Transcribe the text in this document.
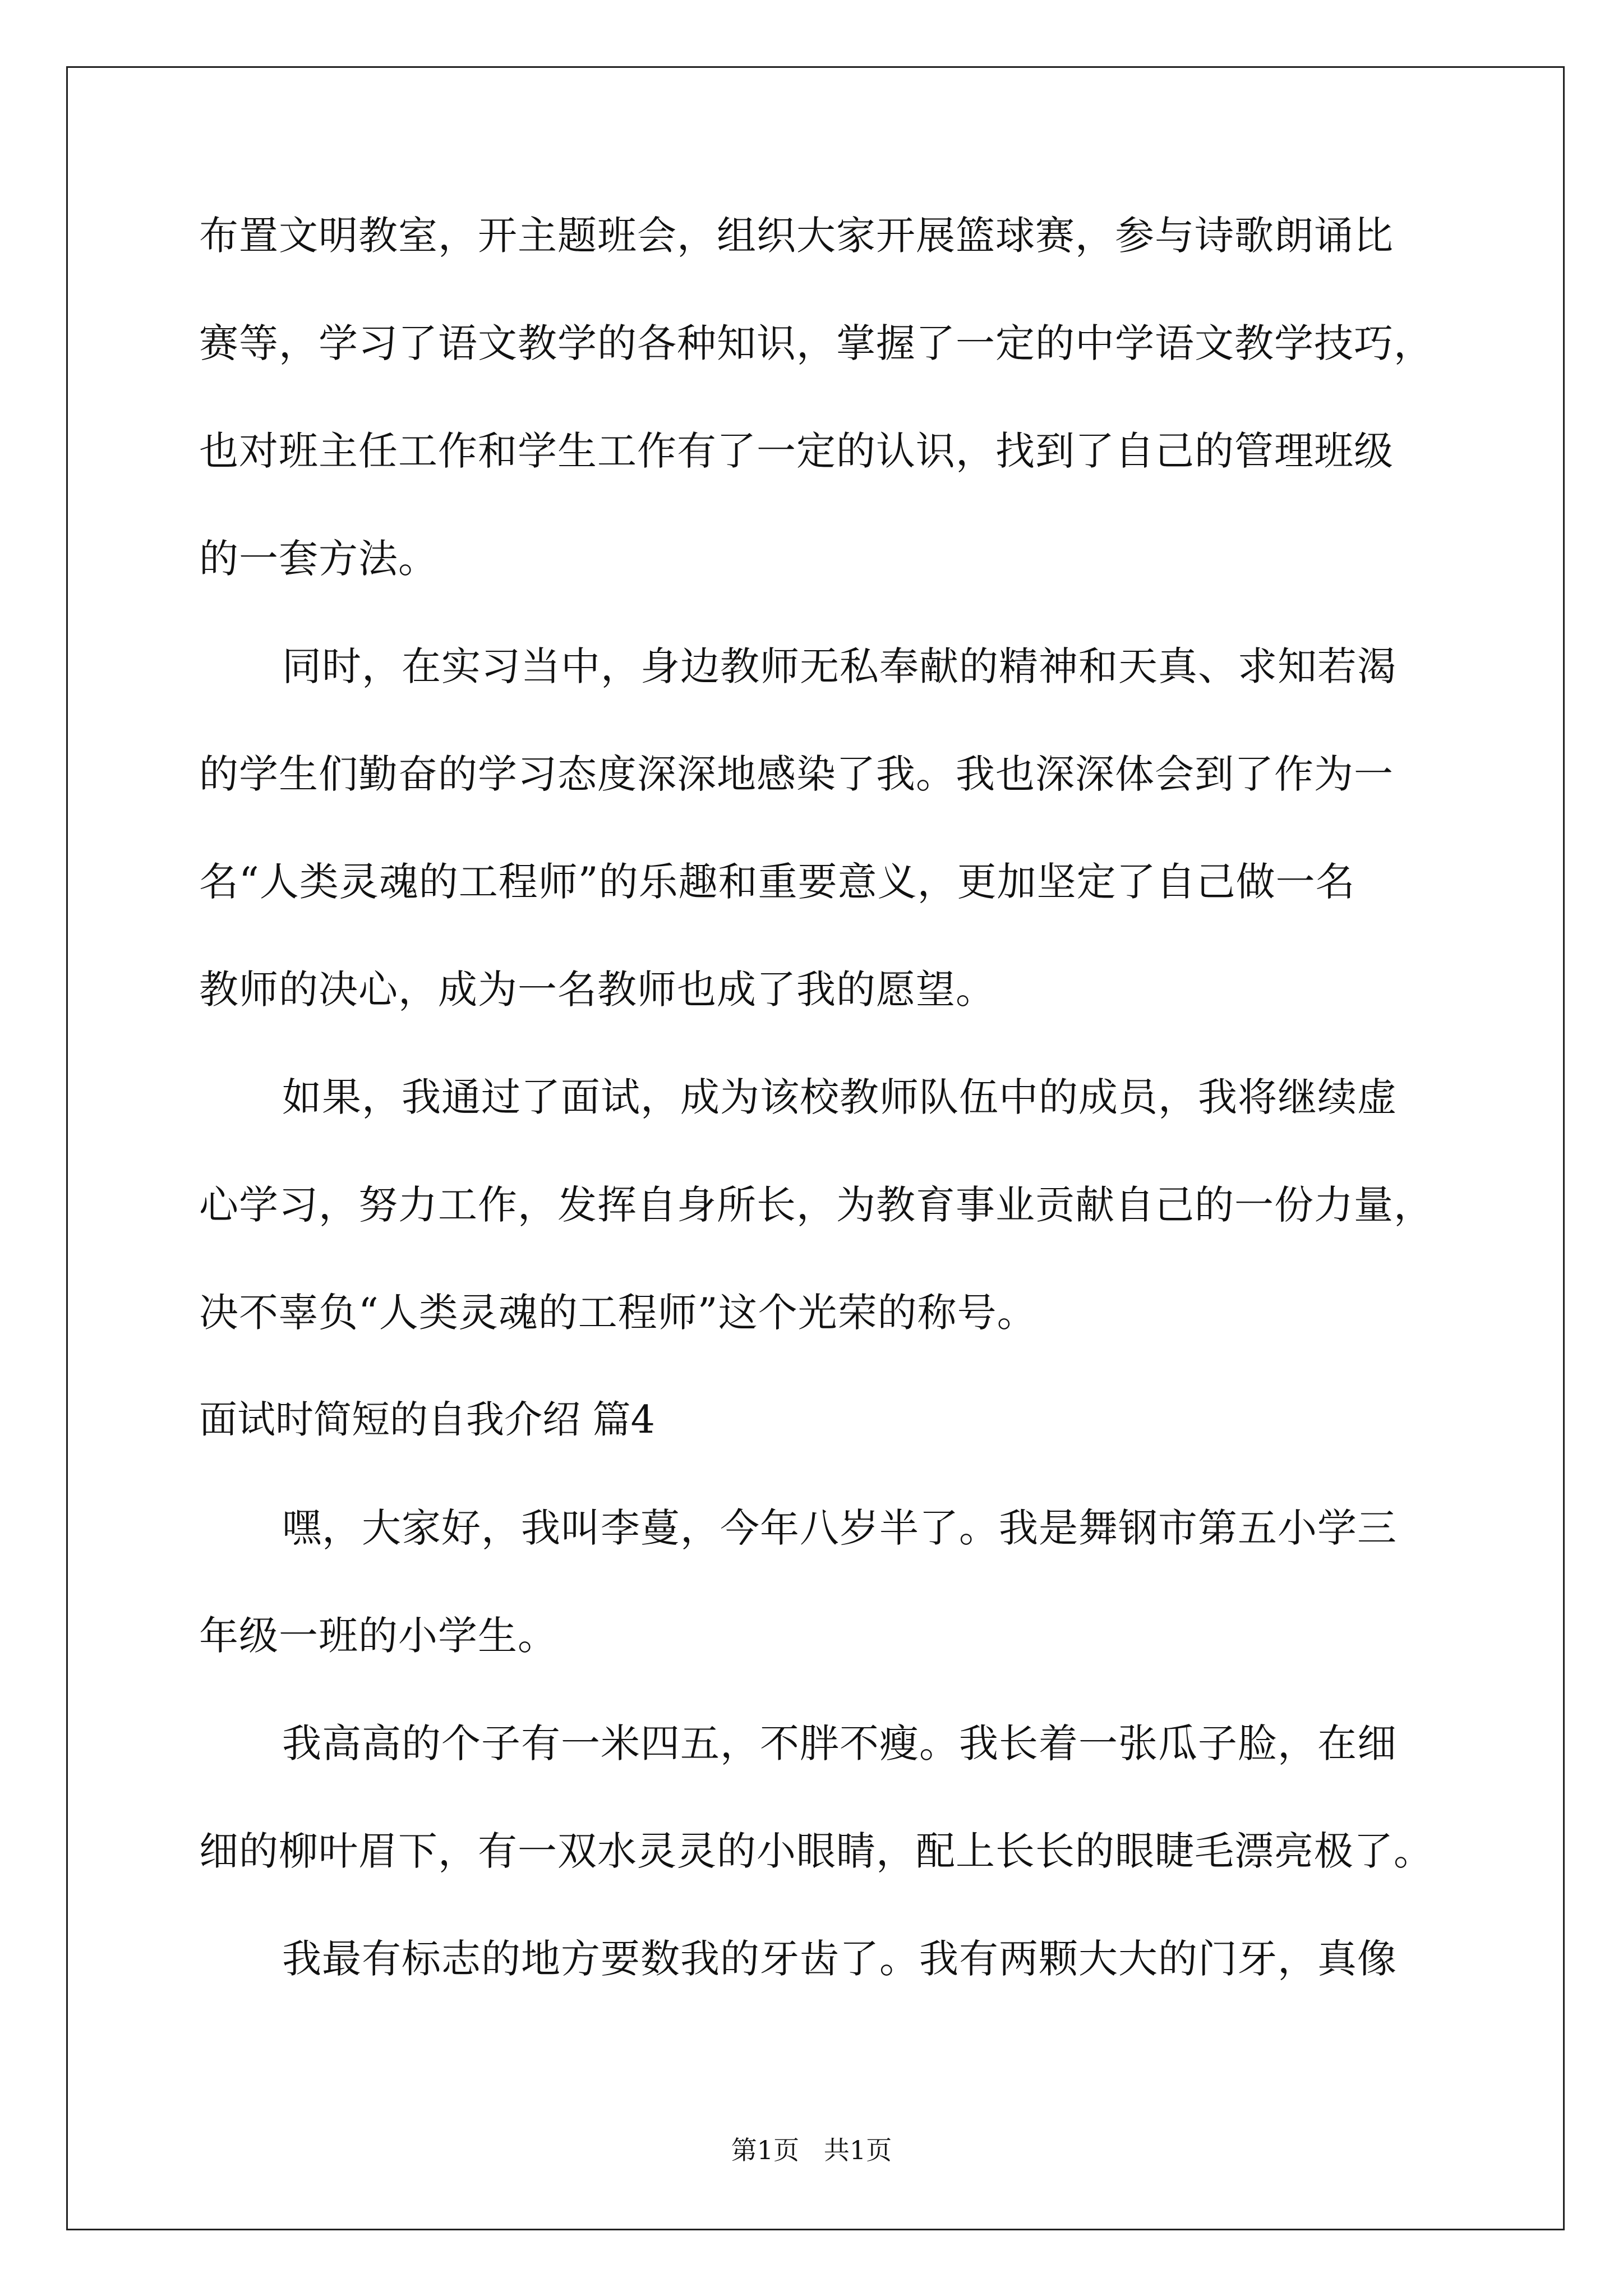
布置文明教室，开主题班会，组织大家开展篮球赛，参与诗歌朗诵比
赛等，学习了语文教学的各种知识，掌握了一定的中学语文教学技巧，
也对班主任工作和学生工作有了一定的认识，找到了自己的管理班级
的一套方法。
同时，在实习当中，身边教师无私奉献的精神和天真、求知若渴
的学生们勤奋的学习态度深深地感染了我。我也深深体会到了作为一
名“人类灵魂的工程师”的乐趣和重要意义，更加坚定了自己做一名
教师的决心，成为一名教师也成了我的愿望。
如果，我通过了面试，成为该校教师队伍中的成员，我将继续虚
心学习，努力工作，发挥自身所长，为教育事业贡献自己的一份力量，
决不辜负“人类灵魂的工程师”这个光荣的称号。
面试时简短的自我介绍 篇4
嘿，大家好，我叫李蔓，今年八岁半了。我是舞钢市第五小学三
年级一班的小学生。
我高高的个子有一米四五，不胖不瘦。我长着一张瓜子脸，在细
细的柳叶眉下，有一双水灵灵的小眼睛，配上长长的眼睫毛漂亮极了。
我最有标志的地方要数我的牙齿了。我有两颗大大的门牙，真像
第1页   共1页
